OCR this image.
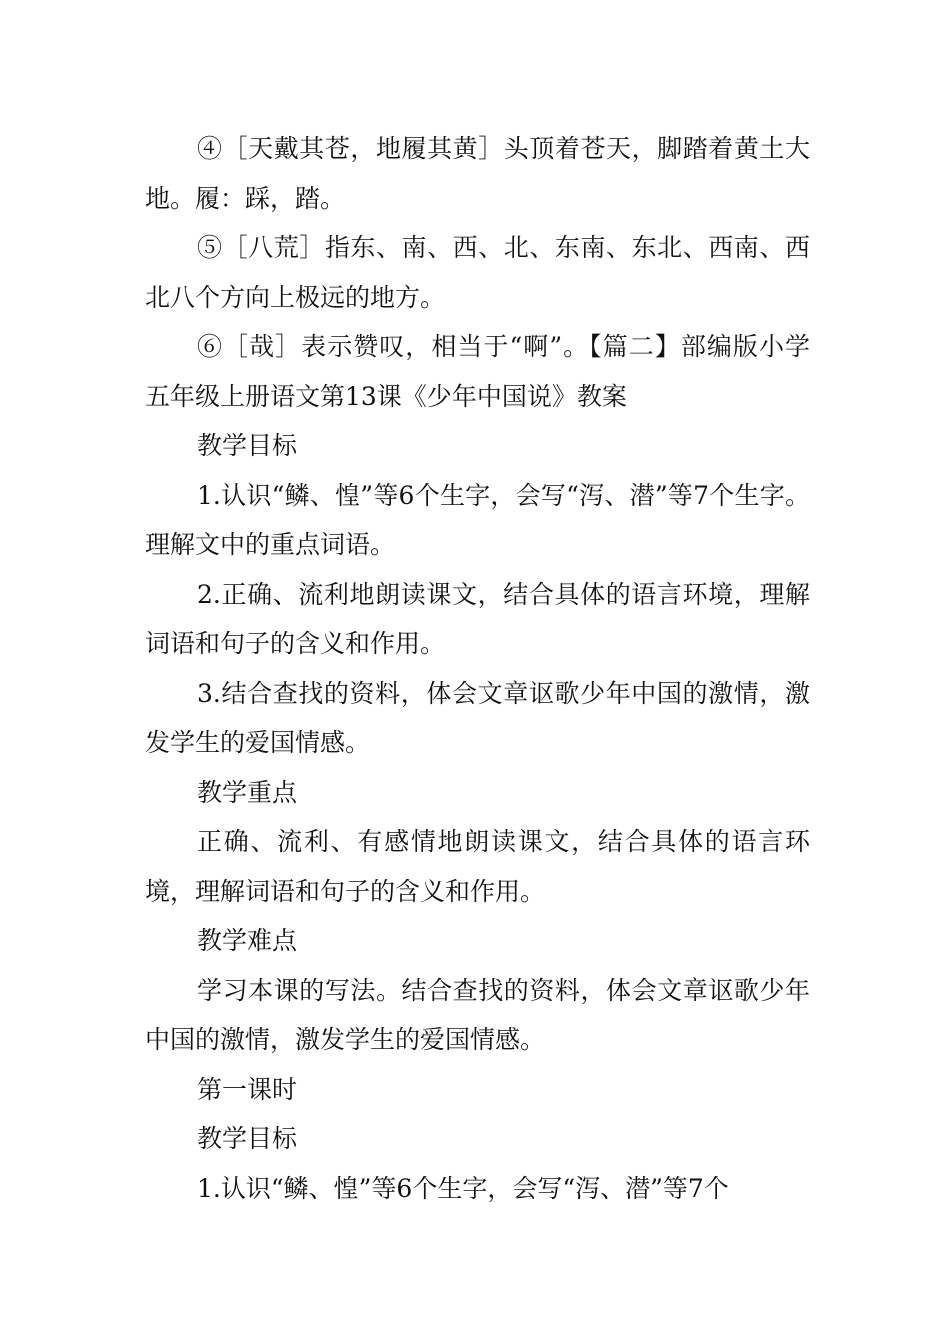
④［天戴其苍，地履其黄］头顶着苍天，脚踏着黄土大地。履：踩，踏。

⑤［八荒］指东、南、西、北、东南、东北、西南、西北八个方向上极远的地方。

⑥［哉］表示赞叹，相当于“啊”。【篇二】部编版小学五年级上册语文第13课《少年中国说》教案

教学目标

1.认识“鳞、惶”等6个生字，会写“泻、潜”等7个生字。理解文中的重点词语。

2.正确、流利地朗读课文，结合具体的语言环境，理解词语和句子的含义和作用。

3.结合查找的资料，体会文章讴歌少年中国的激情，激发学生的爱国情感。

教学重点

正确、流利、有感情地朗读课文，结合具体的语言环境，理解词语和句子的含义和作用。

教学难点

学习本课的写法。结合查找的资料，体会文章讴歌少年中国的激情，激发学生的爱国情感。

第一课时

教学目标

1.认识“鳞、惶”等6个生字，会写“泻、潜”等7个
